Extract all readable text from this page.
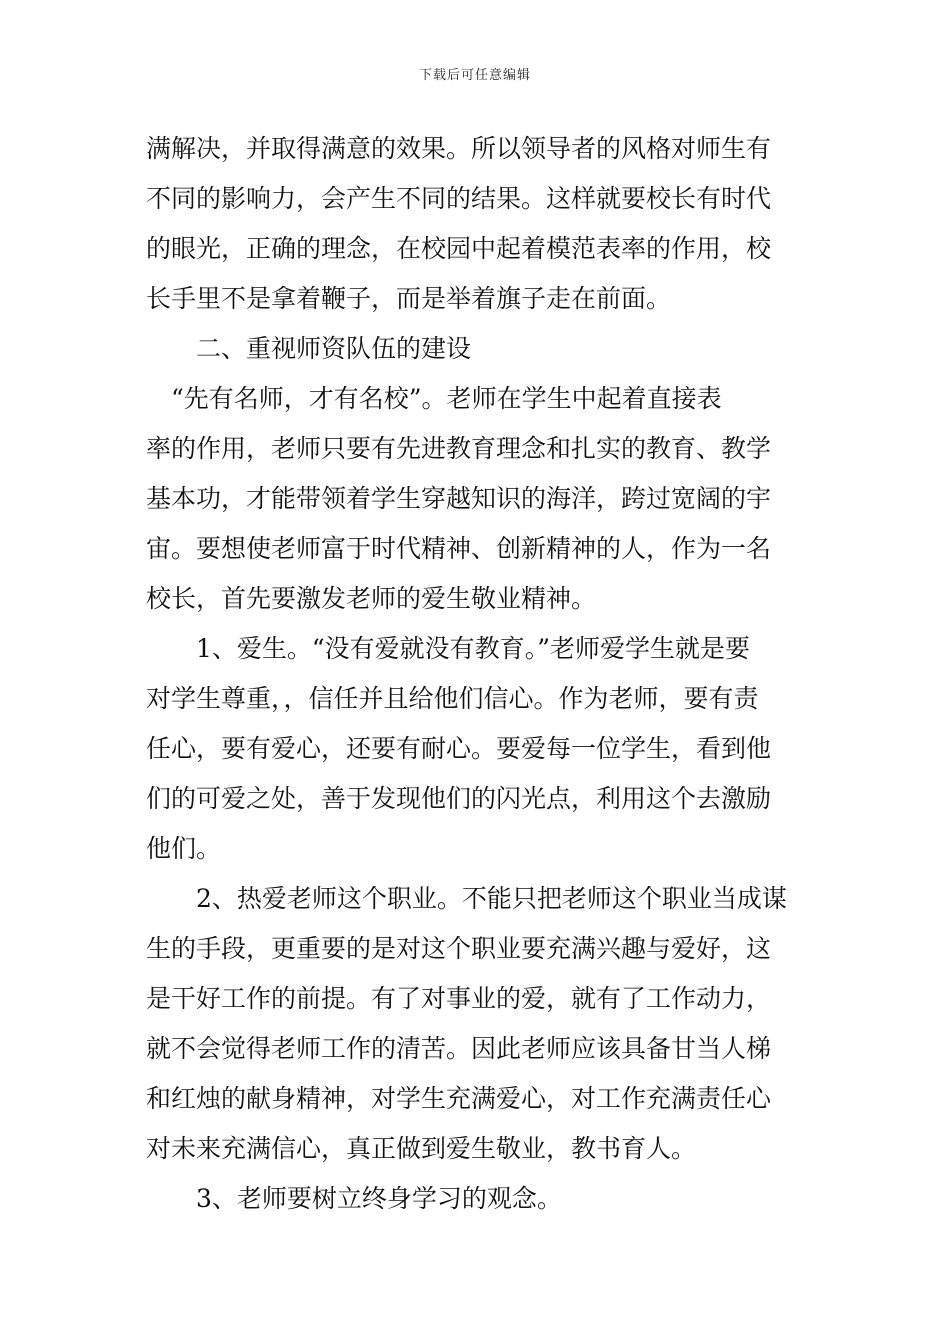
下载后可任意编辑
满解决，并取得满意的效果。所以领导者的风格对师生有
不同的影响力，会产生不同的结果。这样就要校长有时代
的眼光，正确的理念，在校园中起着模范表率的作用，校
长手里不是拿着鞭子，而是举着旗子走在前面。
二、重视师资队伍的建设
“先有名师，才有名校”。老师在学生中起着直接表
率的作用，老师只要有先进教育理念和扎实的教育、教学
基本功，才能带领着学生穿越知识的海洋，跨过宽阔的宇
宙。要想使老师富于时代精神、创新精神的人，作为一名
校长，首先要激发老师的爱生敬业精神。
1、爱生。“没有爱就没有教育。”老师爱学生就是要
对学生尊重，，信任并且给他们信心。作为老师，要有责
任心，要有爱心，还要有耐心。要爱每一位学生，看到他
们的可爱之处，善于发现他们的闪光点，利用这个去激励
他们。
2、热爱老师这个职业。不能只把老师这个职业当成谋
生的手段，更重要的是对这个职业要充满兴趣与爱好，这
是干好工作的前提。有了对事业的爱，就有了工作动力，
就不会觉得老师工作的清苦。因此老师应该具备甘当人梯
和红烛的献身精神，对学生充满爱心，对工作充满责任心
对未来充满信心，真正做到爱生敬业，教书育人。
3、老师要树立终身学习的观念。
